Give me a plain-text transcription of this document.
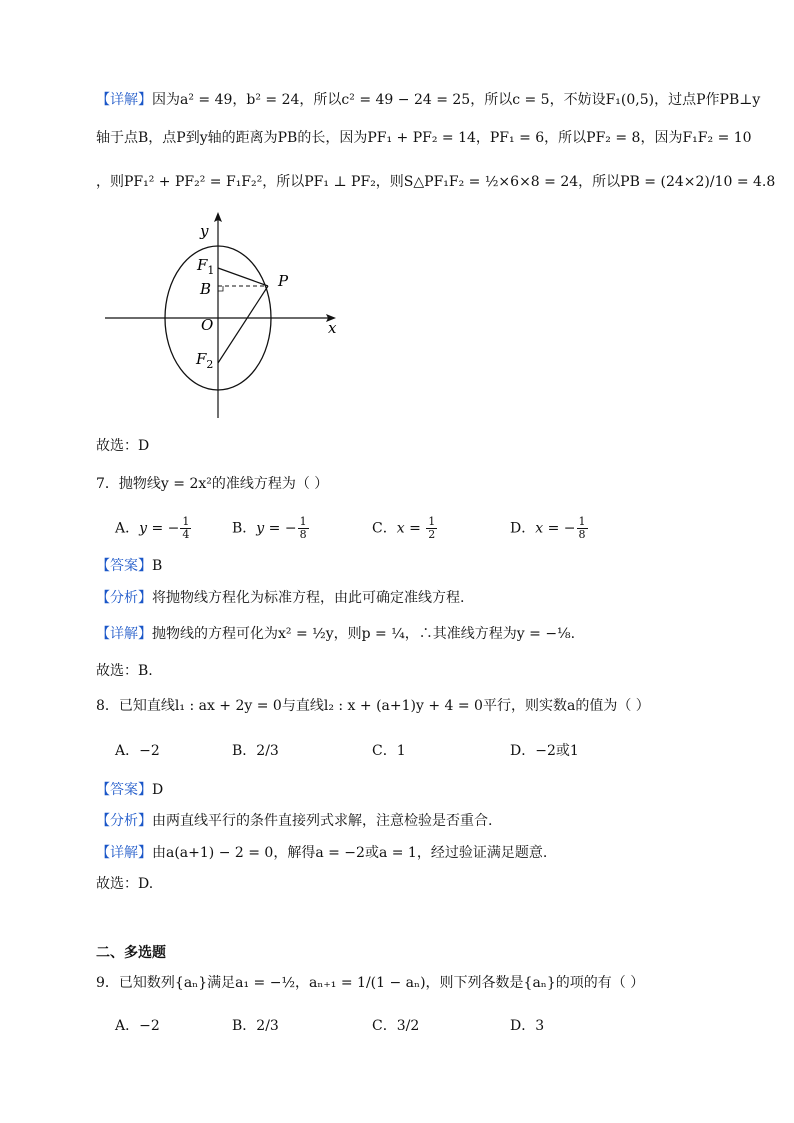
【详解】因为a² = 49，b² = 24，所以c² = 49 − 24 = 25，所以c = 5，不妨设F₁(0,5)，过点P作PB⊥y
轴于点B，点P到y轴的距离为PB的长，因为PF₁ + PF₂ = 14，PF₁ = 6，所以PF₂ = 8，因为F₁F₂ = 10
，则PF₁² + PF₂² = F₁F₂²，所以PF₁ ⊥ PF₂，则S△PF₁F₂ = ½×6×8 = 24，所以PB = (24×2)/10 = 4.8
y
x
$F_1$
B
O
$F_2$
P
故选：D
7．抛物线y = 2x²的准线方程为（ ）
A．y = − $\frac{1}{4}$	B．y = − $\frac{1}{8}$	C．$x = \frac{1}{2}$	D．x = − $\frac{1}{8}$
【答案】B
【分析】将抛物线方程化为标准方程，由此可确定准线方程.
【详解】抛物线的方程可化为x² = ½y，则p = ¼，∴其准线方程为y = −⅛.
故选：B.
8．已知直线l₁ : ax + 2y = 0与直线l₂ : x + (a+1)y + 4 = 0平行，则实数a的值为（ ）
A．−2	B．2/3	C．1	D．−2或1
【答案】D
【分析】由两直线平行的条件直接列式求解，注意检验是否重合.
【详解】由a(a+1) − 2 = 0，解得a = −2或a = 1，经过验证满足题意.
故选：D.
二、多选题
9．已知数列{aₙ}满足a₁ = −½，aₙ₊₁ = 1/(1 − aₙ)，则下列各数是{aₙ}的项的有（ ）
A．−2	B．2/3	C．3/2	D．3
